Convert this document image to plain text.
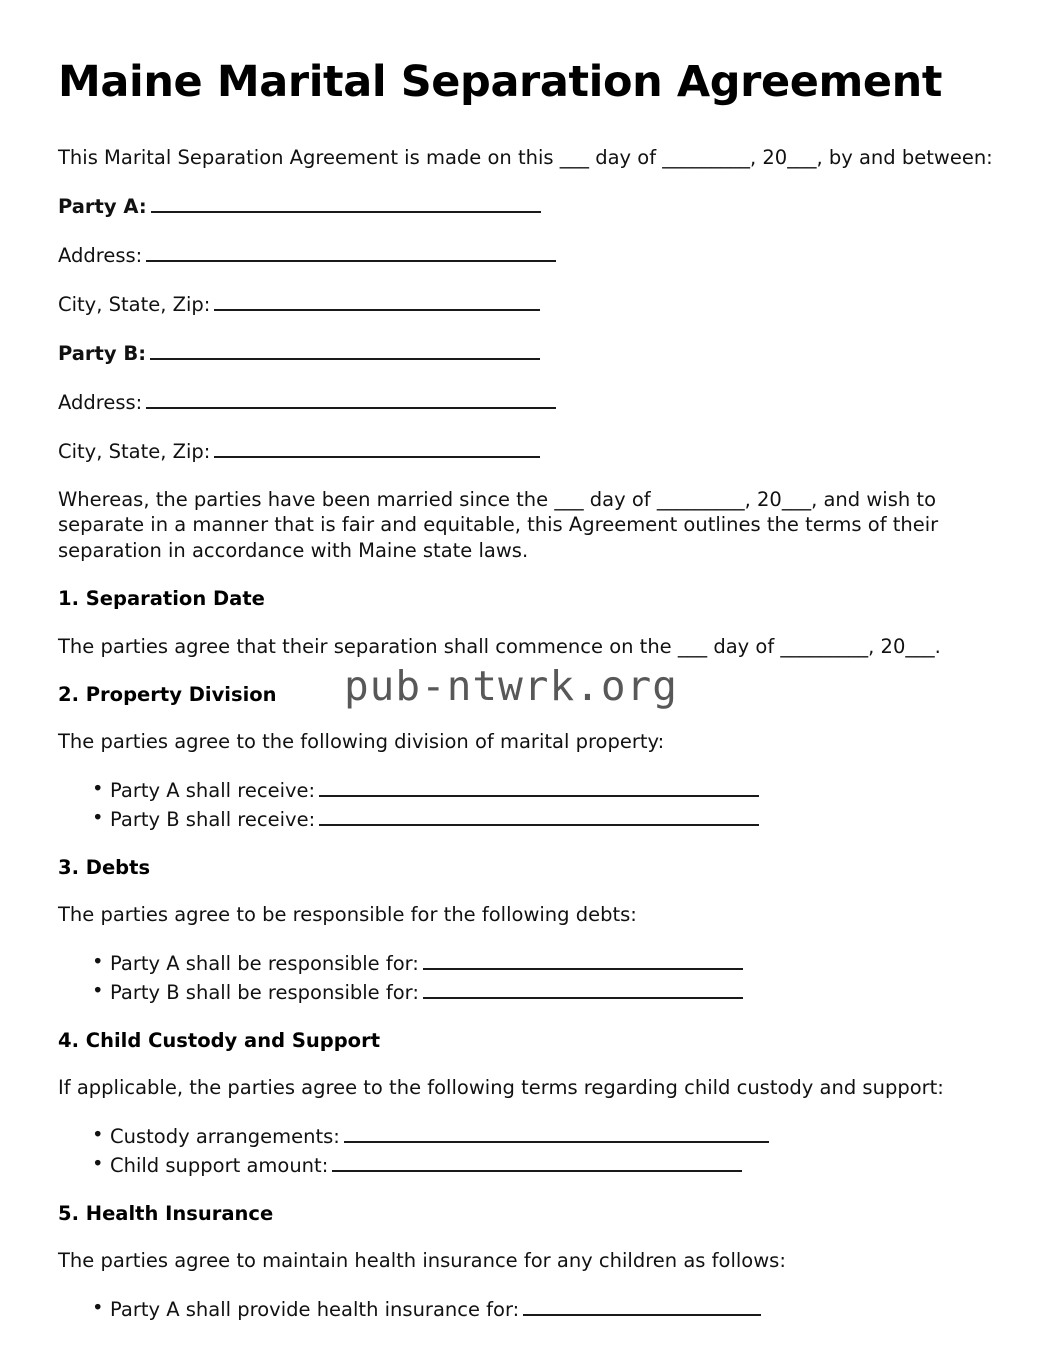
Maine Marital Separation Agreement

This Marital Separation Agreement is made on this ___ day of _________, 20___, by and between:

Party A:
Address:
City, State, Zip:
Party B:
Address:
City, State, Zip:

Whereas, the parties have been married since the ___ day of _________, 20___, and wish to separate in a manner that is fair and equitable, this Agreement outlines the terms of their separation in accordance with Maine state laws.

1. Separation Date

The parties agree that their separation shall commence on the ___ day of _________, 20___.

2. Property Division

The parties agree to the following division of marital property:

• Party A shall receive:
• Party B shall receive:
3. Debts

The parties agree to be responsible for the following debts:

• Party A shall be responsible for:
• Party B shall be responsible for:
4. Child Custody and Support

If applicable, the parties agree to the following terms regarding child custody and support:

• Custody arrangements:
• Child support amount:
5. Health Insurance

The parties agree to maintain health insurance for any children as follows:

• Party A shall provide health insurance for:
pub-ntwrk.org
